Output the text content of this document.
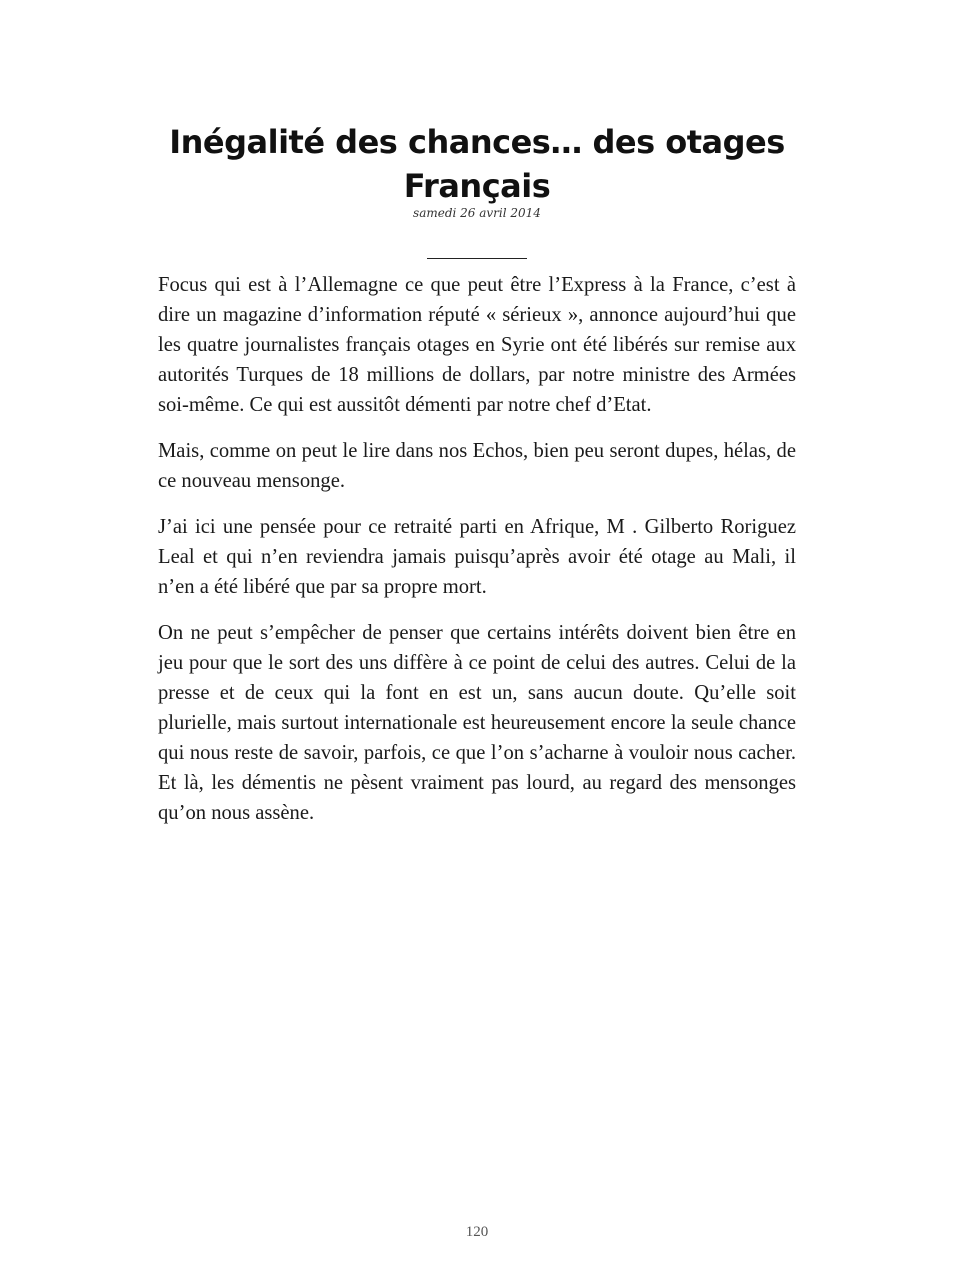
Inégalité des chances… des otages
Français
samedi 26 avril 2014

Focus qui est à l’Allemagne ce que peut être l’Express à la France, c’est à dire un magazine d’information réputé « sérieux », annonce aujourd’hui que les quatre journalistes français otages en Syrie ont été libérés sur remise aux autorités Turques de 18 millions de dollars, par notre ministre des Armées soi-même. Ce qui est aussitôt démenti par notre chef d’Etat.

Mais, comme on peut le lire dans nos Echos, bien peu seront dupes, hélas, de ce nouveau mensonge.

J’ai ici une pensée pour ce retraité parti en Afrique, M . Gilberto Roriguez Leal et qui n’en reviendra jamais puisqu’après avoir été otage au Mali, il n’en a été libéré que par sa propre mort.

On ne peut s’empêcher de penser que certains intérêts doivent bien être en jeu pour que le sort des uns diffère à ce point de celui des autres. Celui de la presse et de ceux qui la font en est un, sans aucun doute. Qu’elle soit plurielle, mais surtout internationale est heureusement encore la seule chance qui nous reste de savoir, parfois, ce que l’on s’acharne à vouloir nous cacher. Et là, les démentis ne pèsent vraiment pas lourd, au regard des mensonges qu’on nous assène.

120
